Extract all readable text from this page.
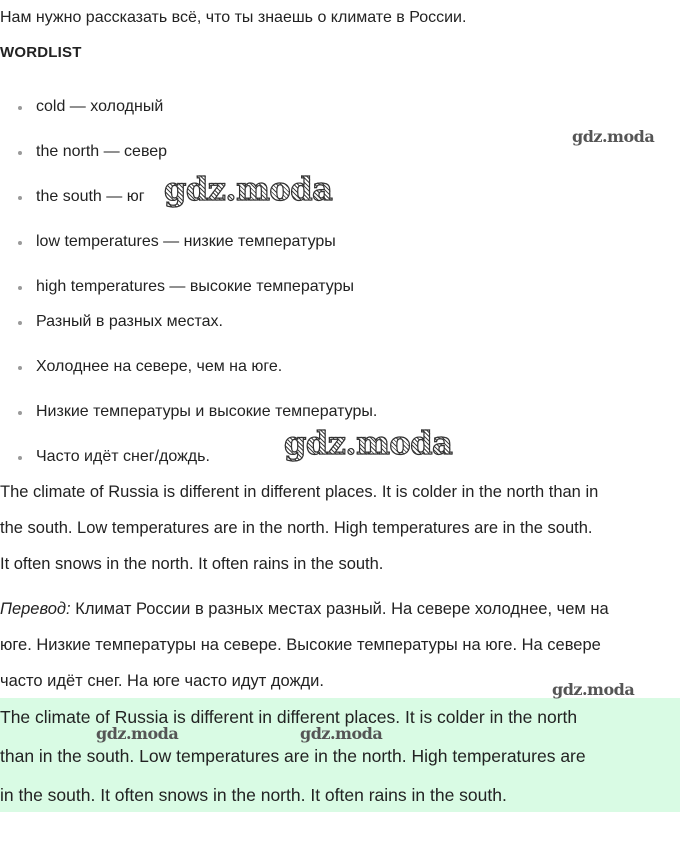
Нам нужно рассказать всё, что ты знаешь о климате в России.
WORDLIST
cold — холодный
the north — север
the south — юг
low temperatures — низкие температуры
high temperatures — высокие температуры
Разный в разных местах.
Холоднее на севере, чем на юге.
Низкие температуры и высокие температуры.
Часто идёт снег/дождь.

The climate of Russia is different in different places. It is colder in the north than in
the south. Low temperatures are in the north. High temperatures are in the south.
It often snows in the north. It often rains in the south.

Перевод: Климат России в разных местах разный. На севере холоднее, чем на
юге. Низкие температуры на севере. Высокие температуры на юге. На севере
часто идёт снег. На юге часто идут дожди.

The climate of Russia is different in different places. It is colder in the north
than in the south. Low temperatures are in the north. High temperatures are
in the south. It often snows in the north. It often rains in the south.

gdz.moda
gdz.moda
gdz.moda
gdz.moda
gdz.moda	gdz.moda
